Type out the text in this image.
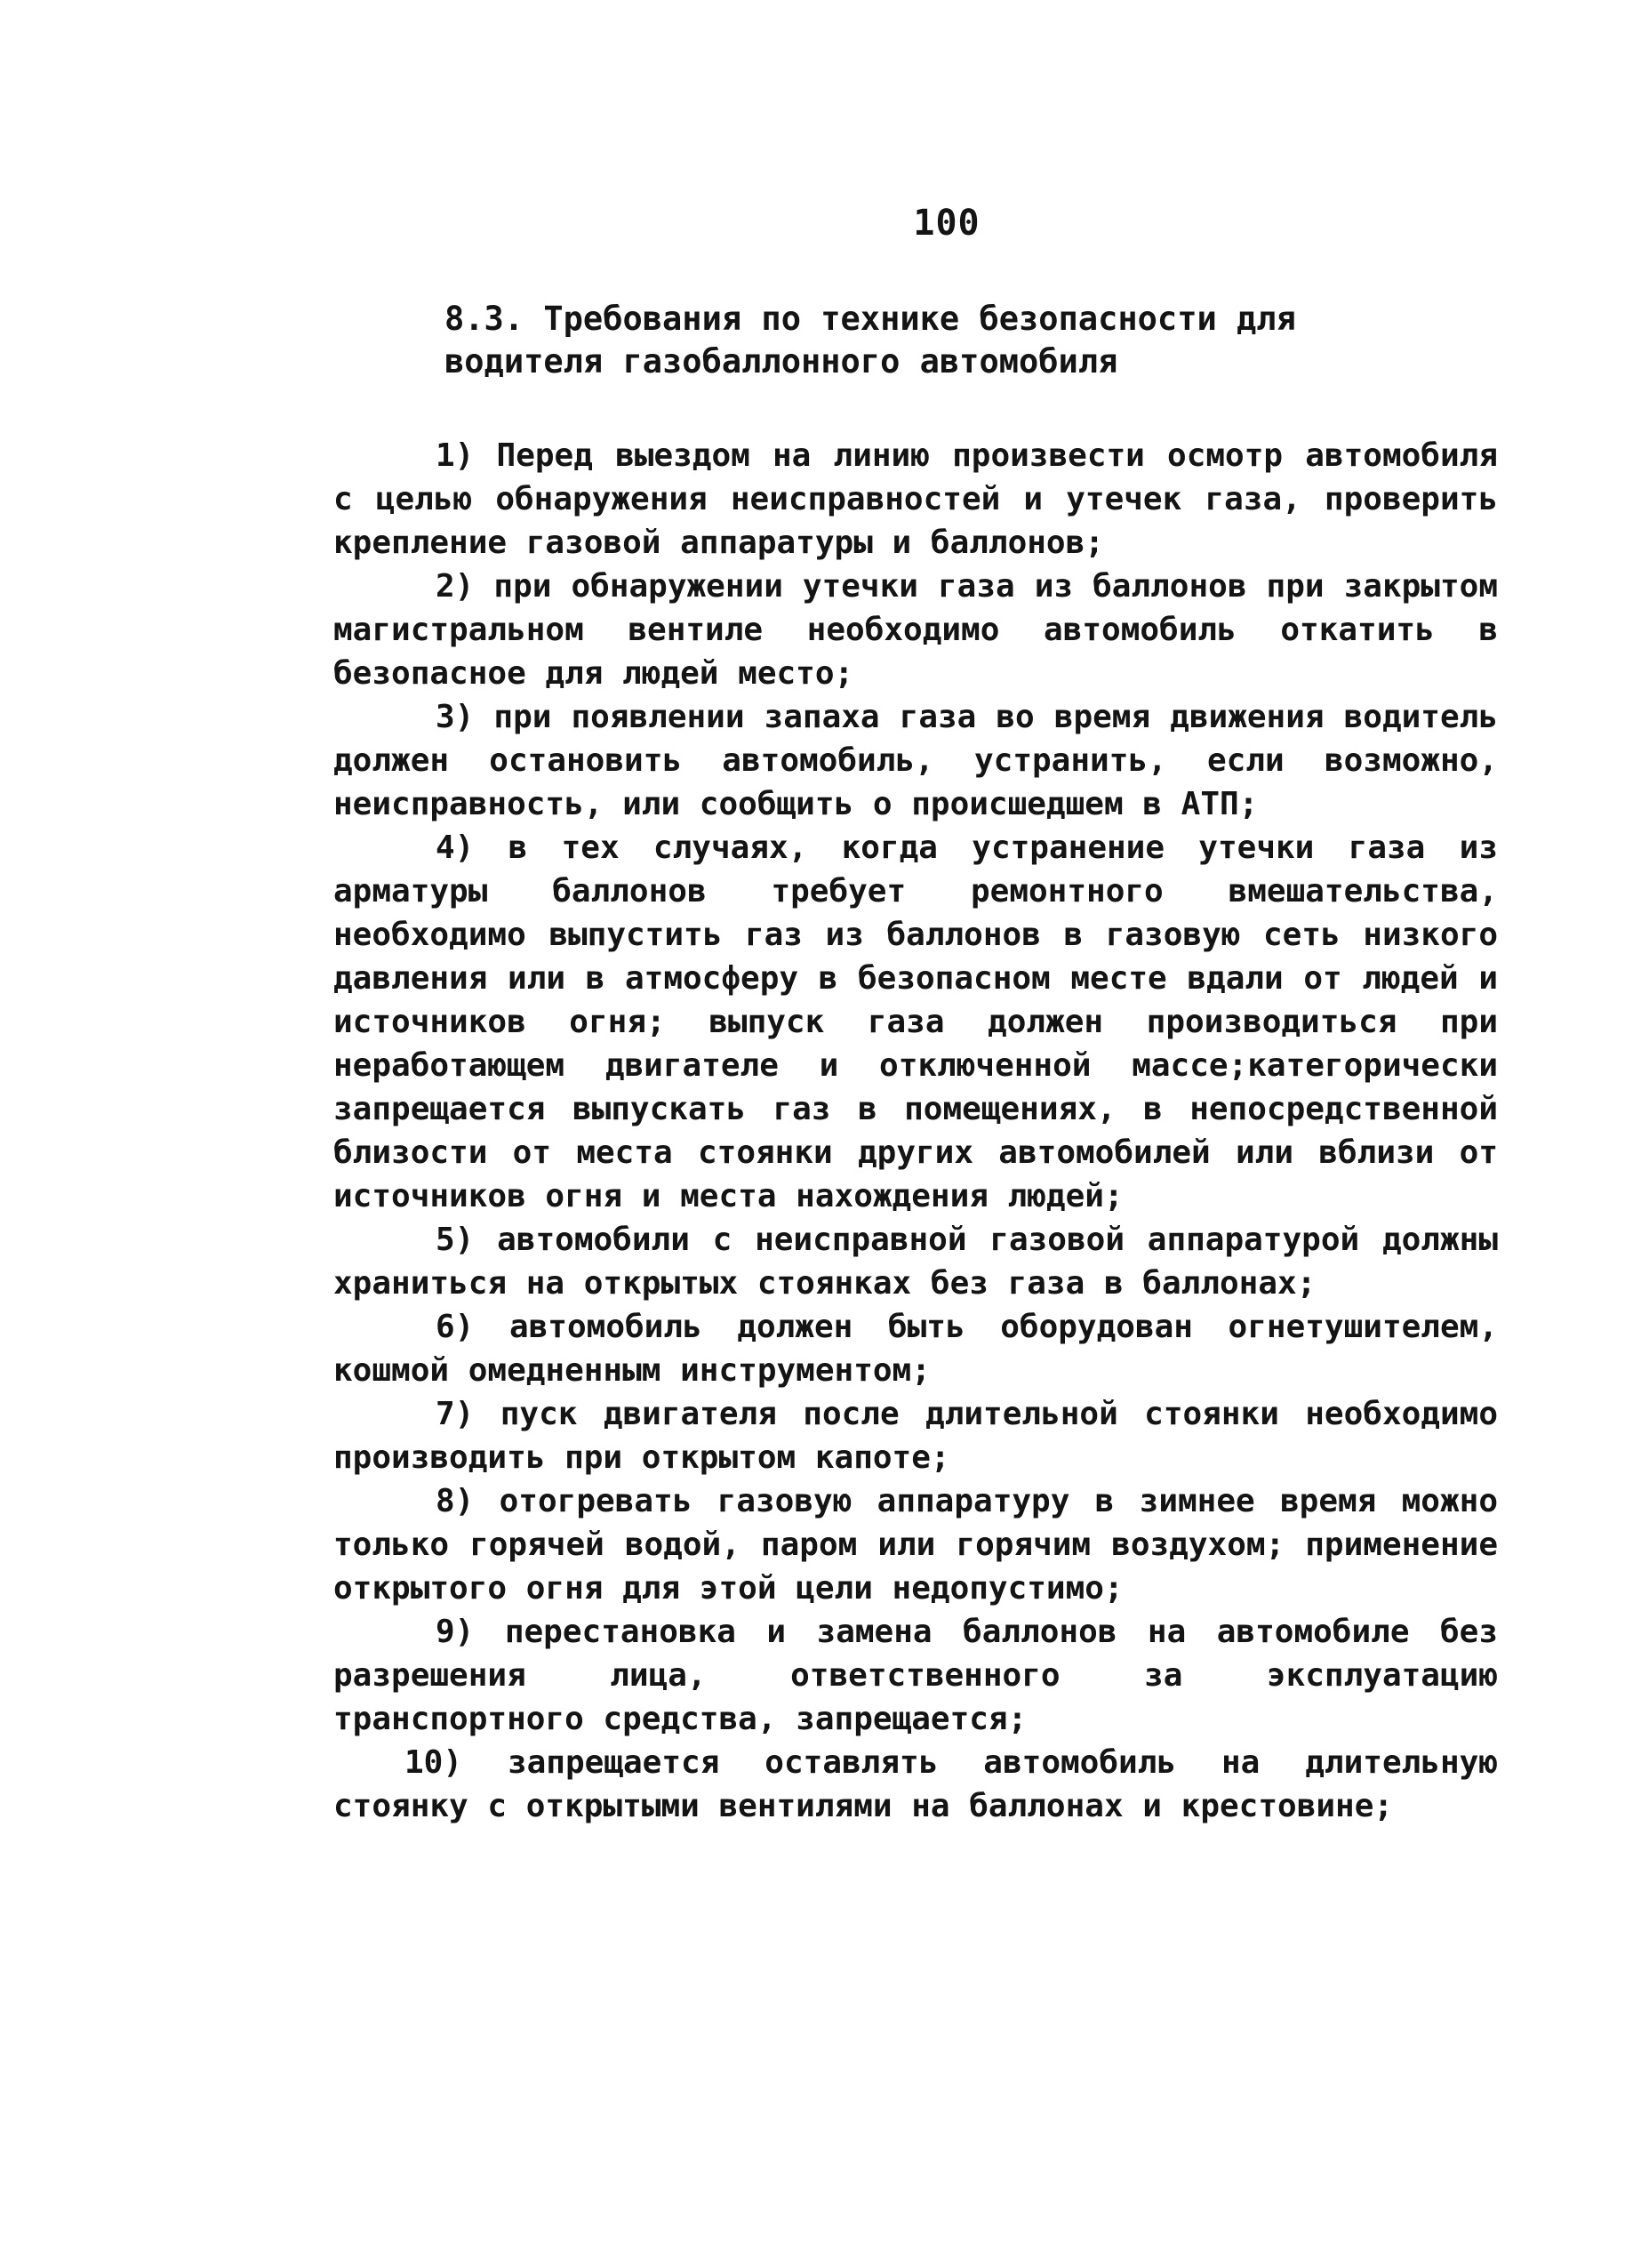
100
8.3. Требования по технике безопасности для водителя газобаллонного автомобиля

1) Перед выездом на линию произвести осмотр автомобиля с целью обнаружения неисправностей и утечек газа, проверить крепление газовой аппаратуры и баллонов;

2) при обнаружении утечки газа из баллонов при закрытом магистральном вентиле необходимо автомобиль откатить в безопасное для людей место;

3) при появлении запаха газа во время движения водитель должен остановить автомобиль, устранить, если возможно, неисправность, или сообщить о происшедшем в АТП;

4) в тех случаях, когда устранение утечки газа из арматуры баллонов требует ремонтного вмешательства, необходимо выпустить газ из баллонов в газовую сеть низкого давления или в атмосферу в безопасном месте вдали от людей и источников огня; выпуск газа должен производиться при неработающем двигателе и отключенной массе;категорически запрещается выпускать газ в помещениях, в непосредственной близости от места стоянки других автомобилей или вблизи от источников огня и места нахождения людей;

5) автомобили с неисправной газовой аппаратурой должны храниться на открытых стоянках без газа в баллонах;

6) автомобиль должен быть оборудован огнетушителем, кошмой омедненным инструментом;

7) пуск двигателя после длительной стоянки необходимо производить при открытом капоте;

8) отогревать газовую аппаратуру в зимнее время можно только горячей водой, паром или горячим воздухом; применение открытого огня для этой цели недопустимо;

9) перестановка и замена баллонов на автомобиле без разрешения лица, ответственного за эксплуатацию транспортного средства, запрещается;

10) запрещается оставлять автомобиль на длительную стоянку с открытыми вентилями на баллонах и крестовине;
